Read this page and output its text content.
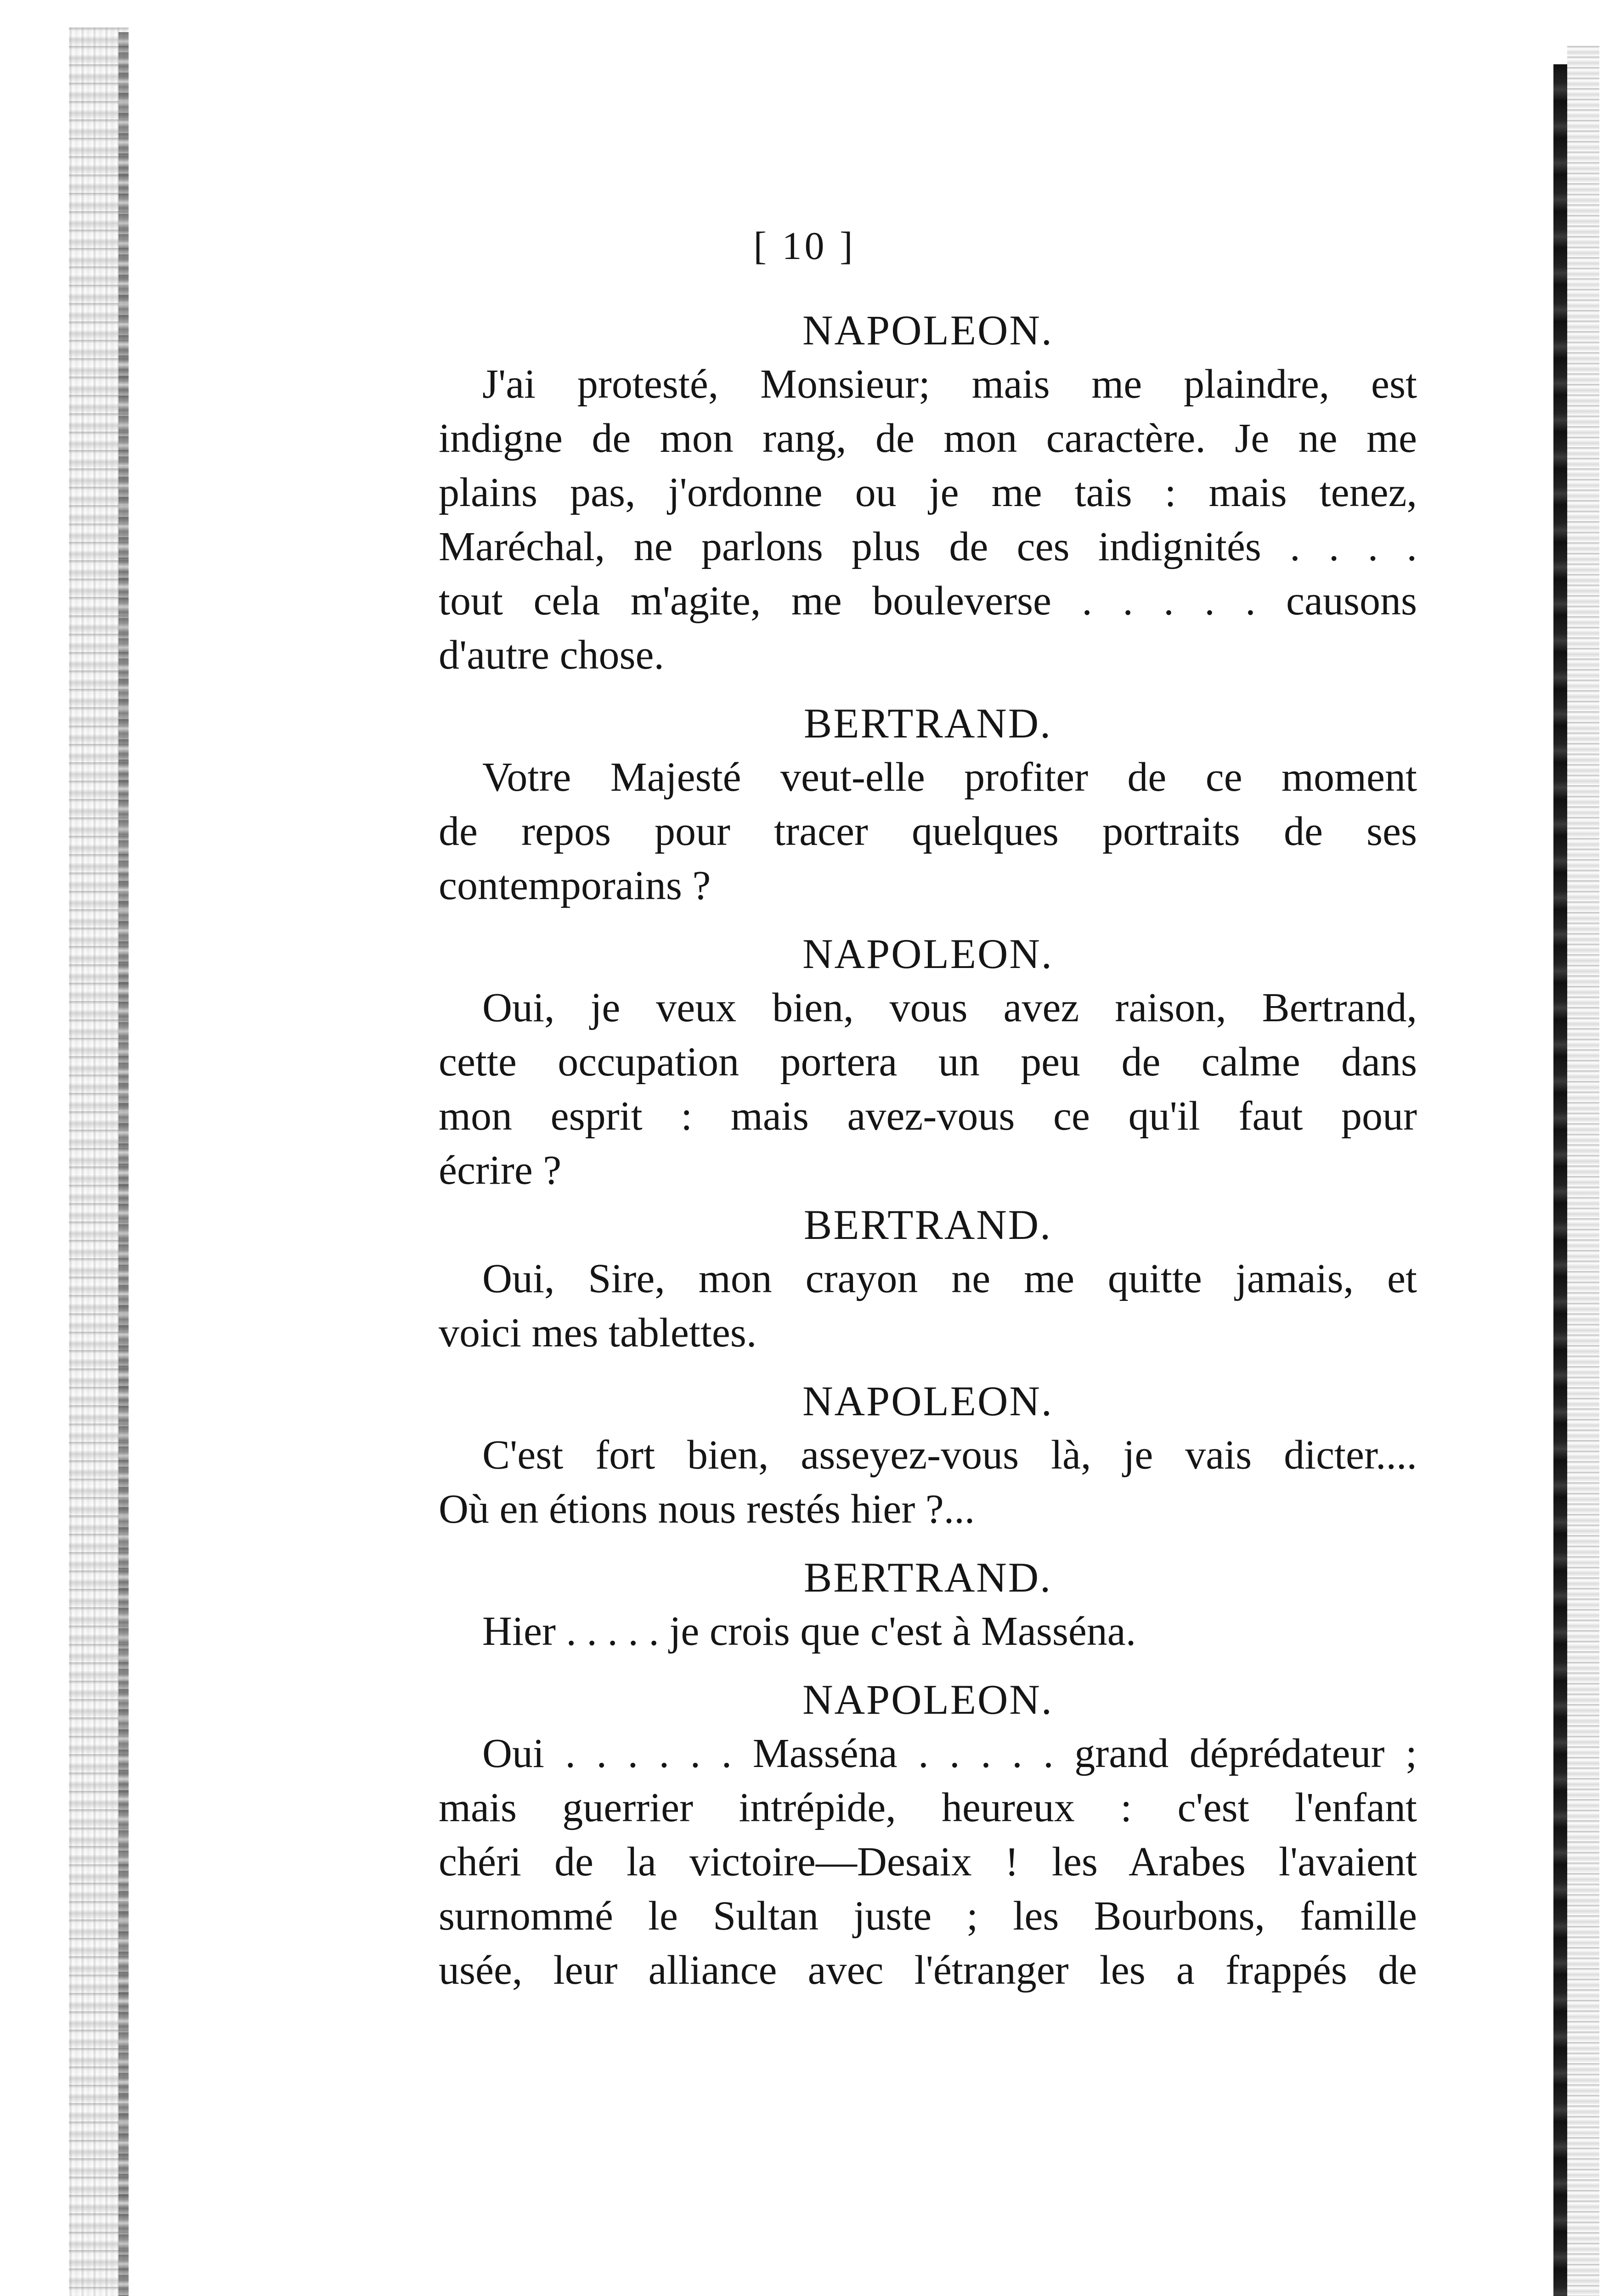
[ 10 ]

NAPOLEON.

J'ai protesté, Monsieur; mais me plaindre, est

indigne de mon rang, de mon caractère. Je ne me

plains pas, j'ordonne ou je me tais : mais tenez,

Maréchal, ne parlons plus de ces indignités . . . .

tout cela m'agite, me bouleverse . . . . . causons

d'autre chose.

BERTRAND.

Votre Majesté veut-elle profiter de ce moment

de repos pour tracer quelques portraits de ses

contemporains ?

NAPOLEON.

Oui, je veux bien, vous avez raison, Bertrand,

cette occupation portera un peu de calme dans

mon esprit : mais avez-vous ce qu'il faut pour

écrire ?

BERTRAND.

Oui, Sire, mon crayon ne me quitte jamais, et

voici mes tablettes.

NAPOLEON.

C'est fort bien, asseyez-vous là, je vais dicter....

Où en étions nous restés hier ?...

BERTRAND.

Hier . . . . . je crois que c'est à Masséna.

NAPOLEON.

Oui . . . . . . Masséna . . . . . grand déprédateur ;

mais guerrier intrépide, heureux : c'est l'enfant

chéri de la victoire—Desaix ! les Arabes l'avaient

surnommé le Sultan juste ; les Bourbons, famille

usée, leur alliance avec l'étranger les a frappés de
